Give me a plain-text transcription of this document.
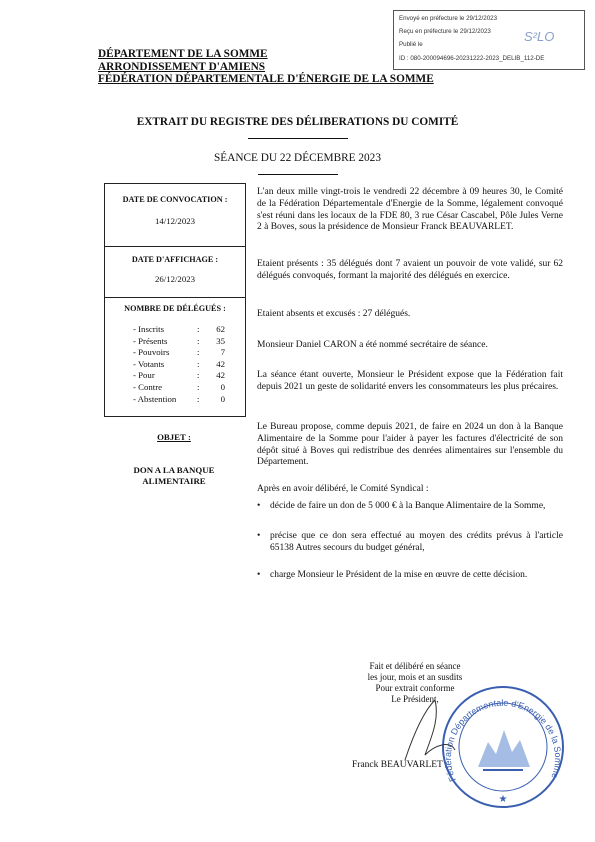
Envoyé en préfecture le 29/12/2023
Reçu en préfecture le 29/12/2023
Publié le
ID : 080-200094696-20231222-2023_DELIB_112-DE
S²LO
DÉPARTEMENT DE LA SOMME
ARRONDISSEMENT D'AMIENS
FÉDÉRATION DÉPARTEMENTALE D'ÉNERGIE DE LA SOMME
EXTRAIT DU REGISTRE DES DÉLIBERATIONS DU COMITÉ
SÉANCE DU 22 DÉCEMBRE 2023
DATE DE CONVOCATION :
14/12/2023
DATE D'AFFICHAGE :
26/12/2023
NOMBRE DE DÉLÉGUÉS :
- Inscrits	:	62
- Présents	:	35
- Pouvoirs	:	7
- Votants	:	42
- Pour	:	42
- Contre	:	0
- Abstention	:	0
OBJET :
DON A LA BANQUE
ALIMENTAIRE
L'an deux mille vingt-trois le vendredi 22 décembre à 09 heures 30, le Comité de la Fédération Départementale d'Energie de la Somme, légalement convoqué s'est réuni dans les locaux de la FDE 80, 3 rue César Cascabel, Pôle Jules Verne 2 à Boves, sous la présidence de Monsieur Franck BEAUVARLET.
Etaient présents : 35 délégués dont 7 avaient un pouvoir de vote validé, sur 62 délégués convoqués, formant la majorité des délégués en exercice.
Etaient absents et excusés : 27 délégués.
Monsieur Daniel CARON a été nommé secrétaire de séance.
La séance étant ouverte, Monsieur le Président expose que la Fédération fait depuis 2021 un geste de solidarité envers les consommateurs les plus précaires.
Le Bureau propose, comme depuis 2021, de faire en 2024 un don à la Banque Alimentaire de la Somme pour l'aider à payer les factures d'électricité de son dépôt situé à Boves qui redistribue des denrées alimentaires sur l'ensemble du Département.
Après en avoir délibéré, le Comité Syndical :
• décide de faire un don de 5 000 € à la Banque Alimentaire de la Somme,
• précise que ce don sera effectué au moyen des crédits prévus à l'article 65138 Autres secours du budget général,
• charge Monsieur le Président de la mise en œuvre de cette décision.
Fait et délibéré en séance
les jour, mois et an susdits
Pour extrait conforme
Le Président,
Franck BEAUVARLET
Fédération Départementale d'Energie de la Somme
★
